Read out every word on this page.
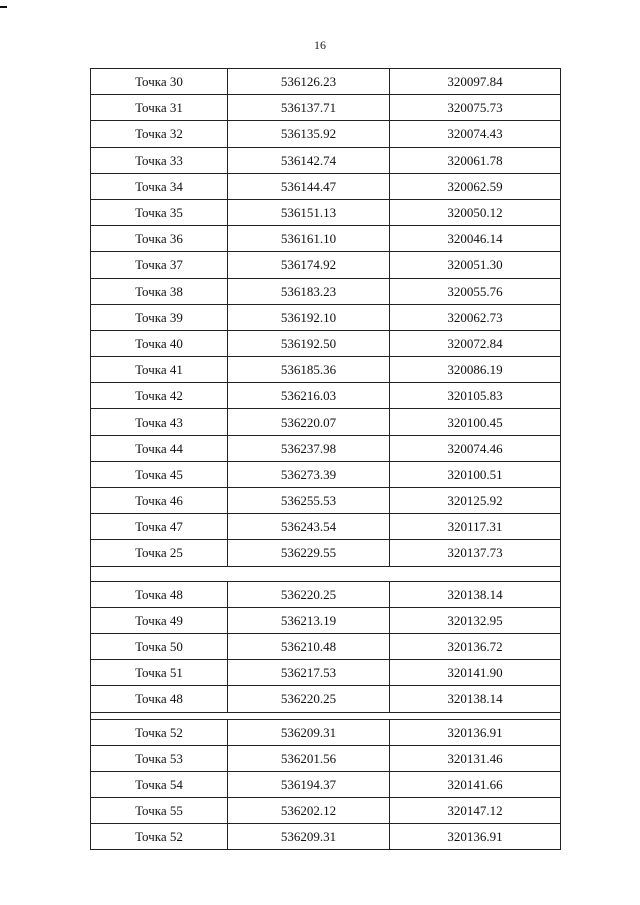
16
Точка 30	536126.23	320097.84
Точка 31	536137.71	320075.73
Точка 32	536135.92	320074.43
Точка 33	536142.74	320061.78
Точка 34	536144.47	320062.59
Точка 35	536151.13	320050.12
Точка 36	536161.10	320046.14
Точка 37	536174.92	320051.30
Точка 38	536183.23	320055.76
Точка 39	536192.10	320062.73
Точка 40	536192.50	320072.84
Точка 41	536185.36	320086.19
Точка 42	536216.03	320105.83
Точка 43	536220.07	320100.45
Точка 44	536237.98	320074.46
Точка 45	536273.39	320100.51
Точка 46	536255.53	320125.92
Точка 47	536243.54	320117.31
Точка 25	536229.55	320137.73

Точка 48	536220.25	320138.14
Точка 49	536213.19	320132.95
Точка 50	536210.48	320136.72
Точка 51	536217.53	320141.90
Точка 48	536220.25	320138.14

Точка 52	536209.31	320136.91
Точка 53	536201.56	320131.46
Точка 54	536194.37	320141.66
Точка 55	536202.12	320147.12
Точка 52	536209.31	320136.91
